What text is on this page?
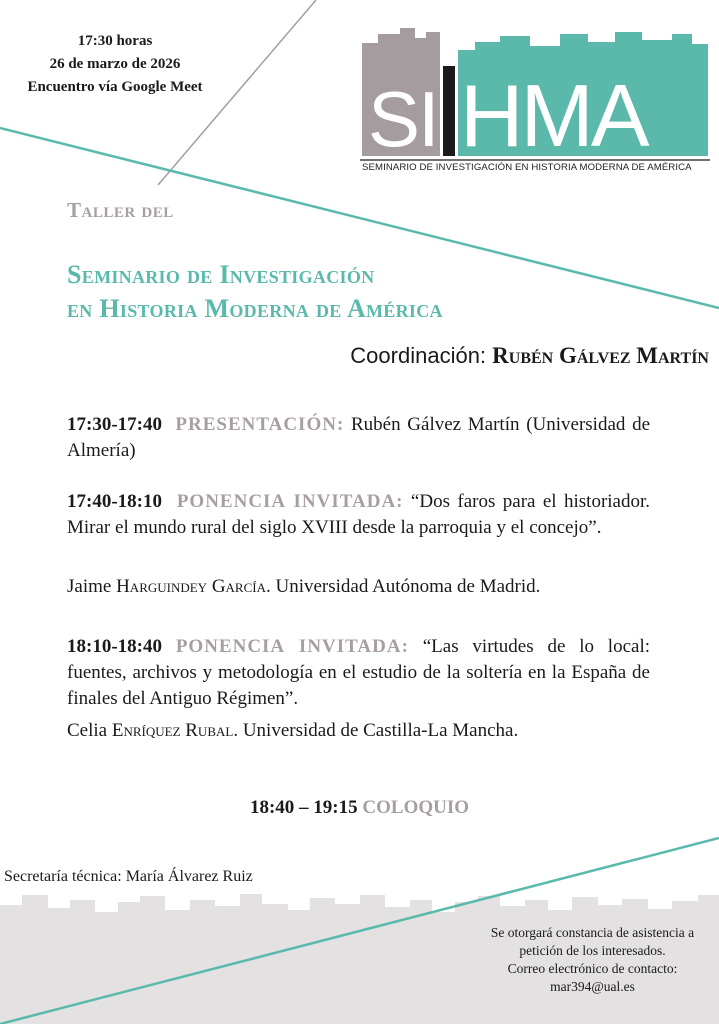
17:30 horas
26 de marzo de 2026
Encuentro vía Google Meet	SI HMA
SEMINARIO DE INVESTIGACIÓN EN HISTORIA MODERNA DE AMÉRICA
Taller del
Seminario de Investigación
en Historia Moderna de América
Coordinación: Rubén Gálvez Martín
17:30-17:40 PRESENTACIÓN: Rubén Gálvez Martín (Universidad de Almería)
17:40-18:10 PONENCIA INVITADA: “Dos faros para el historiador. Mirar el mundo rural del siglo XVIII desde la parroquia y el concejo”.
Jaime Harguindey García. Universidad Autónoma de Madrid.
18:10-18:40 PONENCIA INVITADA: “Las virtudes de lo local: fuentes, archivos y metodología en el estudio de la soltería en la España de finales del Antiguo Régimen”.
Celia Enríquez Rubal. Universidad de Castilla-La Mancha.
18:40 – 19:15 COLOQUIO
Secretaría técnica: María Álvarez Ruiz
Se otorgará constancia de asistencia a
petición de los interesados.
Correo electrónico de contacto:
mar394@ual.es
